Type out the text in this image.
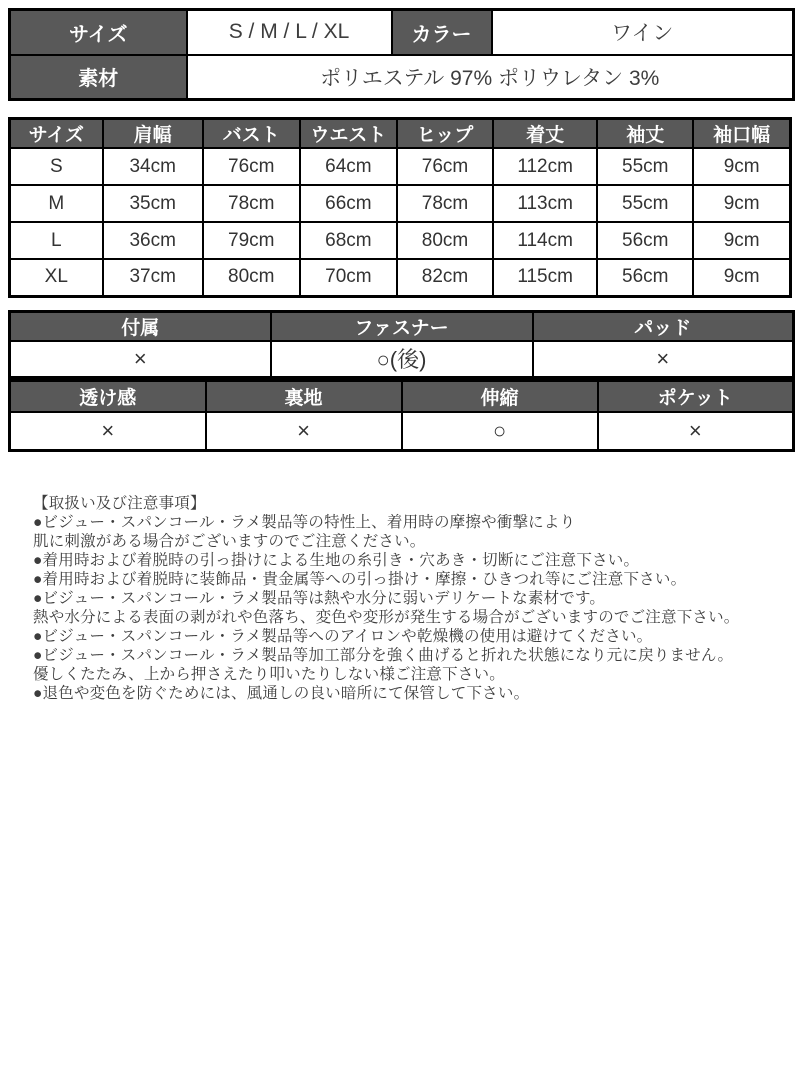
サイズ	S / M / L / XL	カラー	ワイン
素材	ポリエステル 97% ポリウレタン 3%		
サイズ	肩幅	バスト	ウエスト	ヒップ	着丈	袖丈	袖口幅
S	34cm	76cm	64cm	76cm	112cm	55cm	9cm
M	35cm	78cm	66cm	78cm	113cm	55cm	9cm
L	36cm	79cm	68cm	80cm	114cm	56cm	9cm
XL	37cm	80cm	70cm	82cm	115cm	56cm	9cm
付属	ファスナー	パッド
×	○(後)	×
透け感	裏地	伸縮	ポケット
×	×	○	×
【取扱い及び注意事項】
●ビジュー・スパンコール・ラメ製品等の特性上、着用時の摩擦や衝撃により
肌に刺激がある場合がございますのでご注意ください。
●着用時および着脱時の引っ掛けによる生地の糸引き・穴あき・切断にご注意下さい。
●着用時および着脱時に装飾品・貴金属等への引っ掛け・摩擦・ひきつれ等にご注意下さい。
●ビジュー・スパンコール・ラメ製品等は熱や水分に弱いデリケートな素材です。
熱や水分による表面の剥がれや色落ち、変色や変形が発生する場合がございますのでご注意下さい。
●ビジュー・スパンコール・ラメ製品等へのアイロンや乾燥機の使用は避けてください。
●ビジュー・スパンコール・ラメ製品等加工部分を強く曲げると折れた状態になり元に戻りません。
優しくたたみ、上から押さえたり叩いたりしない様ご注意下さい。
●退色や変色を防ぐためには、風通しの良い暗所にて保管して下さい。
